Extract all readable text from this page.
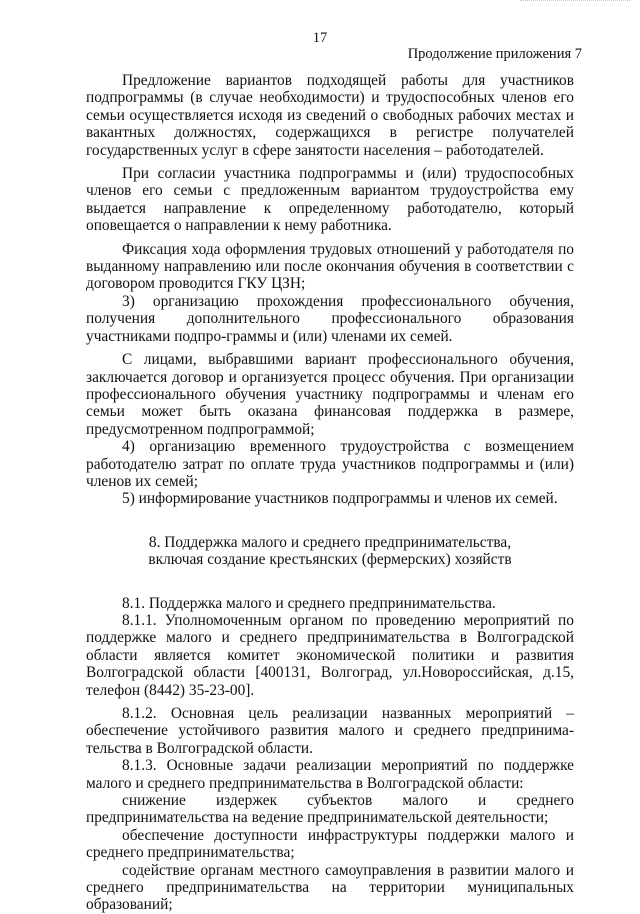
17
Продолжение приложения 7

Предложение вариантов подходящей работы для участников подпрограммы (в случае необходимости) и трудоспособных членов его семьи осуществляется исходя из сведений о свободных рабочих местах и вакантных должностях, содержащихся в регистре получателей государственных услуг в сфере занятости населения – работодателей.

При согласии участника подпрограммы и (или) трудоспособных членов его семьи с предложенным вариантом трудоустройства ему выдается направление к определенному работодателю, который оповещается о направлении к нему работника.

Фиксация хода оформления трудовых отношений у работодателя по выданному направлению или после окончания обучения в соответствии с договором проводится ГКУ ЦЗН;

3) организацию прохождения профессионального обучения, получения дополнительного профессионального образования участниками подпро-граммы и (или) членами их семей.

С лицами, выбравшими вариант профессионального обучения, заключается договор и организуется процесс обучения. При организации профессионального обучения участнику подпрограммы и членам его семьи может быть оказана финансовая поддержка в размере, предусмотренном подпрограммой;

4) организацию временного трудоустройства с возмещением работодателю затрат по оплате труда участников подпрограммы и (или) членов их семей;

5) информирование участников подпрограммы и членов их семей.

8. Поддержка малого и среднего предпринимательства,
включая создание крестьянских (фермерских) хозяйств

8.1. Поддержка малого и среднего предпринимательства.

8.1.1. Уполномоченным органом по проведению мероприятий по поддержке малого и среднего предпринимательства в Волгоградской области является комитет экономической политики и развития Волгоградской области [400131, Волгоград, ул.Новороссийская, д.15, телефон (8442) 35-23-00].

8.1.2. Основная цель реализации названных мероприятий – обеспечение устойчивого развития малого и среднего предпринима-тельства в Волгоградской области.

8.1.3. Основные задачи реализации мероприятий по поддержке малого и среднего предпринимательства в Волгоградской области:

снижение издержек субъектов малого и среднего предпринимательства на ведение предпринимательской деятельности;

обеспечение доступности инфраструктуры поддержки малого и среднего предпринимательства;

содействие органам местного самоуправления в развитии малого и среднего предпринимательства на территории муниципальных образований;
